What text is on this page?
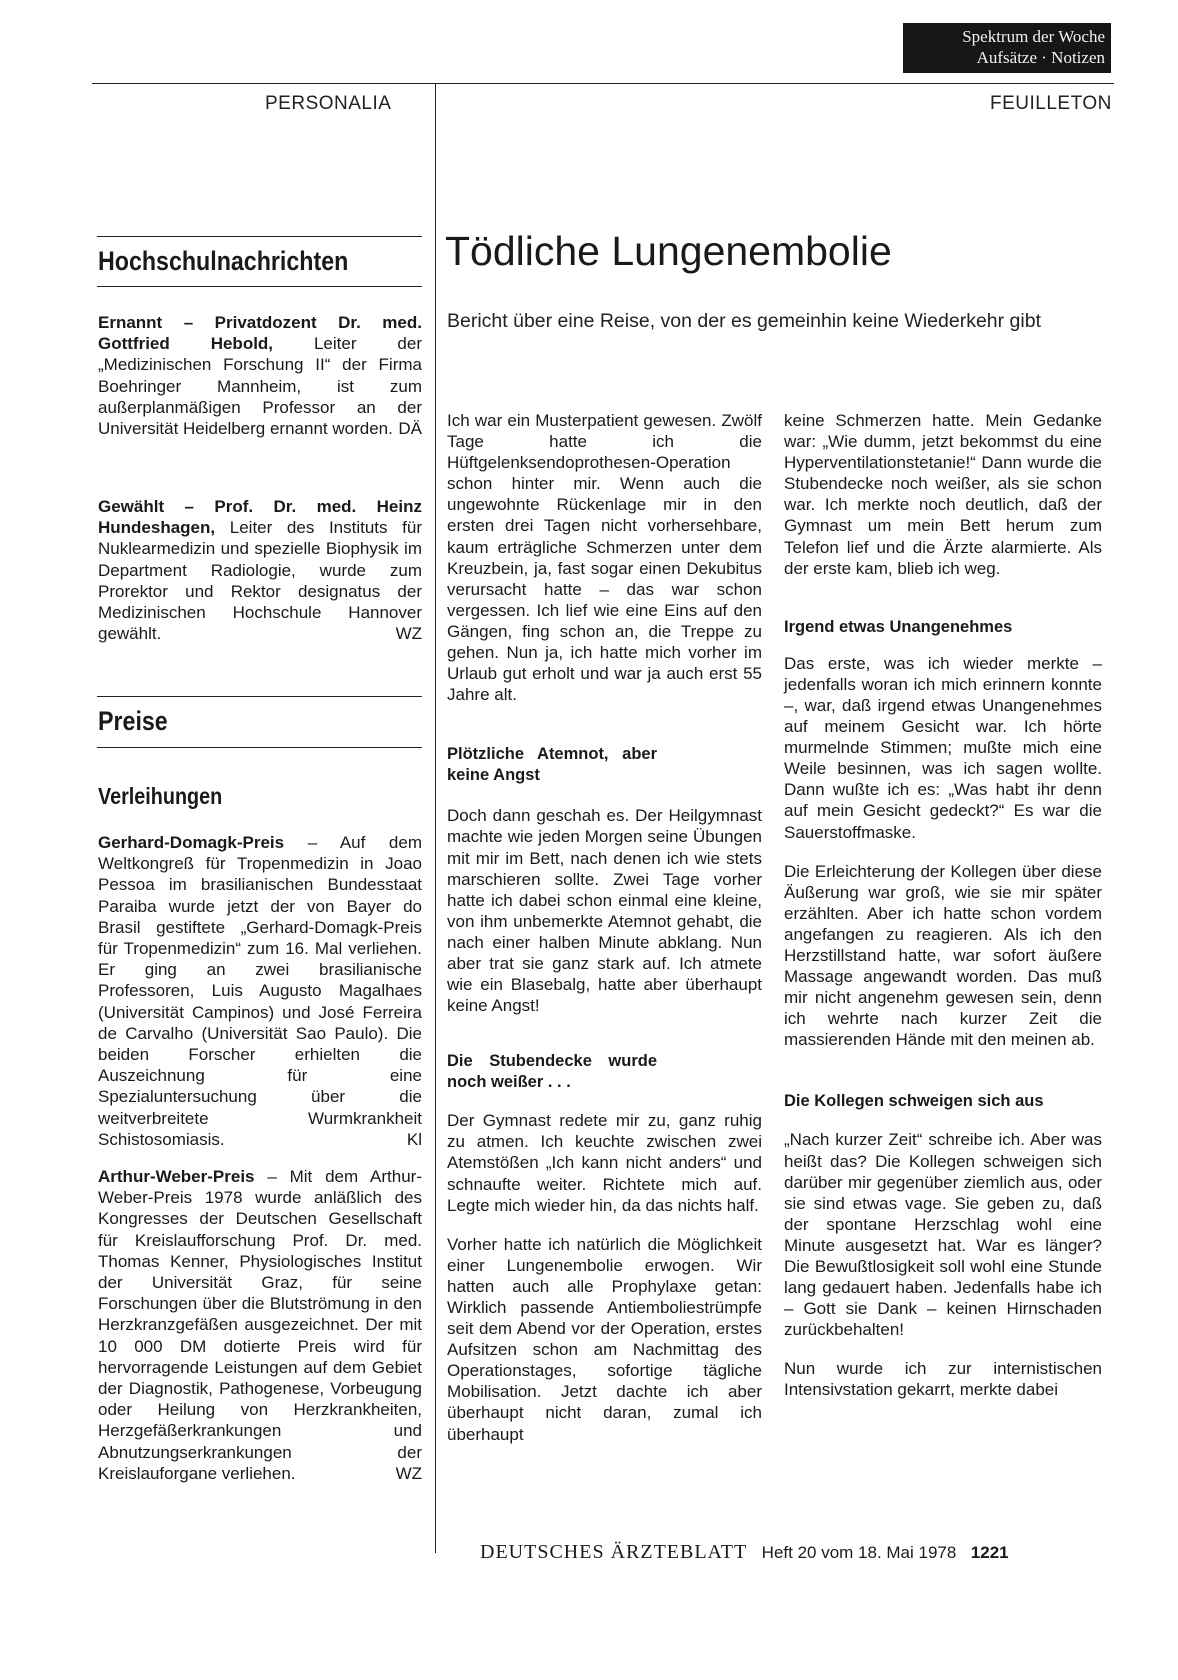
Spektrum der Woche
Aufsätze · Notizen
PERSONALIA	FEUILLETON
Hochschulnachrichten

Ernannt – Privatdozent Dr. med. Gottfried Hebold, Leiter der „Medizinischen Forschung II“ der Firma Boehringer Mannheim, ist zum außerplanmäßigen Professor an der Universität Heidelberg ernannt worden. DÄ

Gewählt – Prof. Dr. med. Heinz Hundeshagen, Leiter des Instituts für Nuklearmedizin und spezielle Biophysik im Department Radiologie, wurde zum Prorektor und Rektor designatus der Medizinischen Hochschule Hannover gewählt.	WZ

Preise
Verleihungen

Gerhard-Domagk-Preis – Auf dem Weltkongreß für Tropenmedizin in Joao Pessoa im brasilianischen Bundesstaat Paraiba wurde jetzt der von Bayer do Brasil gestiftete „Gerhard-Domagk-Preis für Tropenmedizin“ zum 16. Mal verliehen. Er ging an zwei brasilianische Professoren, Luis Augusto Magalhaes (Universität Campinos) und José Ferreira de Carvalho (Universität Sao Paulo). Die beiden Forscher erhielten die Auszeichnung für eine Spezialuntersuchung über die weitverbreitete Wurmkrankheit Schistosomiasis.	Kl

Arthur-Weber-Preis – Mit dem Arthur-Weber-Preis 1978 wurde anläßlich des Kongresses der Deutschen Gesellschaft für Kreislaufforschung Prof. Dr. med. Thomas Kenner, Physiologisches Institut der Universität Graz, für seine Forschungen über die Blutströmung in den Herzkranzgefäßen ausgezeichnet. Der mit 10 000 DM dotierte Preis wird für hervorragende Leistungen auf dem Gebiet der Diagnostik, Pathogenese, Vorbeugung oder Heilung von Herzkrankheiten, Herzgefäßerkrankungen und Abnutzungserkrankungen der Kreislauforgane verliehen.	WZ

Tödliche Lungenembolie
Bericht über eine Reise, von der es gemeinhin keine Wiederkehr gibt

Ich war ein Musterpatient gewesen. Zwölf Tage hatte ich die Hüftgelenksendoprothesen-Operation schon hinter mir. Wenn auch die ungewohnte Rückenlage mir in den ersten drei Tagen nicht vorhersehbare, kaum erträgliche Schmerzen unter dem Kreuzbein, ja, fast sogar einen Dekubitus verursacht hatte – das war schon vergessen. Ich lief wie eine Eins auf den Gängen, fing schon an, die Treppe zu gehen. Nun ja, ich hatte mich vorher im Urlaub gut erholt und war ja auch erst 55 Jahre alt.

Plötzliche Atemnot, aber keine Angst

Doch dann geschah es. Der Heilgymnast machte wie jeden Morgen seine Übungen mit mir im Bett, nach denen ich wie stets marschieren sollte. Zwei Tage vorher hatte ich dabei schon einmal eine kleine, von ihm unbemerkte Atemnot gehabt, die nach einer halben Minute abklang. Nun aber trat sie ganz stark auf. Ich atmete wie ein Blasebalg, hatte aber überhaupt keine Angst!

Die Stubendecke wurde noch weißer . . .

Der Gymnast redete mir zu, ganz ruhig zu atmen. Ich keuchte zwischen zwei Atemstößen „Ich kann nicht anders“ und schnaufte weiter. Richtete mich auf. Legte mich wieder hin, da das nichts half.

Vorher hatte ich natürlich die Möglichkeit einer Lungenembolie erwogen. Wir hatten auch alle Prophylaxe getan: Wirklich passende Antiemboliestrümpfe seit dem Abend vor der Operation, erstes Aufsitzen schon am Nachmittag des Operationstages, sofortige tägliche Mobilisation. Jetzt dachte ich aber überhaupt nicht daran, zumal ich überhaupt

keine Schmerzen hatte. Mein Gedanke war: „Wie dumm, jetzt bekommst du eine Hyperventilationstetanie!“ Dann wurde die Stubendecke noch weißer, als sie schon war. Ich merkte noch deutlich, daß der Gymnast um mein Bett herum zum Telefon lief und die Ärzte alarmierte. Als der erste kam, blieb ich weg.

Irgend etwas Unangenehmes

Das erste, was ich wieder merkte – jedenfalls woran ich mich erinnern konnte –, war, daß irgend etwas Unangenehmes auf meinem Gesicht war. Ich hörte murmelnde Stimmen; mußte mich eine Weile besinnen, was ich sagen wollte. Dann wußte ich es: „Was habt ihr denn auf mein Gesicht gedeckt?“ Es war die Sauerstoffmaske.

Die Erleichterung der Kollegen über diese Äußerung war groß, wie sie mir später erzählten. Aber ich hatte schon vordem angefangen zu reagieren. Als ich den Herzstillstand hatte, war sofort äußere Massage angewandt worden. Das muß mir nicht angenehm gewesen sein, denn ich wehrte nach kurzer Zeit die massierenden Hände mit den meinen ab.

Die Kollegen schweigen sich aus

„Nach kurzer Zeit“ schreibe ich. Aber was heißt das? Die Kollegen schweigen sich darüber mir gegenüber ziemlich aus, oder sie sind etwas vage. Sie geben zu, daß der spontane Herzschlag wohl eine Minute ausgesetzt hat. War es länger? Die Bewußtlosigkeit soll wohl eine Stunde lang gedauert haben. Jedenfalls habe ich – Gott sie Dank – keinen Hirnschaden zurückbehalten!

Nun wurde ich zur internistischen Intensivstation gekarrt, merkte dabei

DEUTSCHES ÄRZTEBLATT Heft 20 vom 18. Mai 1978 1221
